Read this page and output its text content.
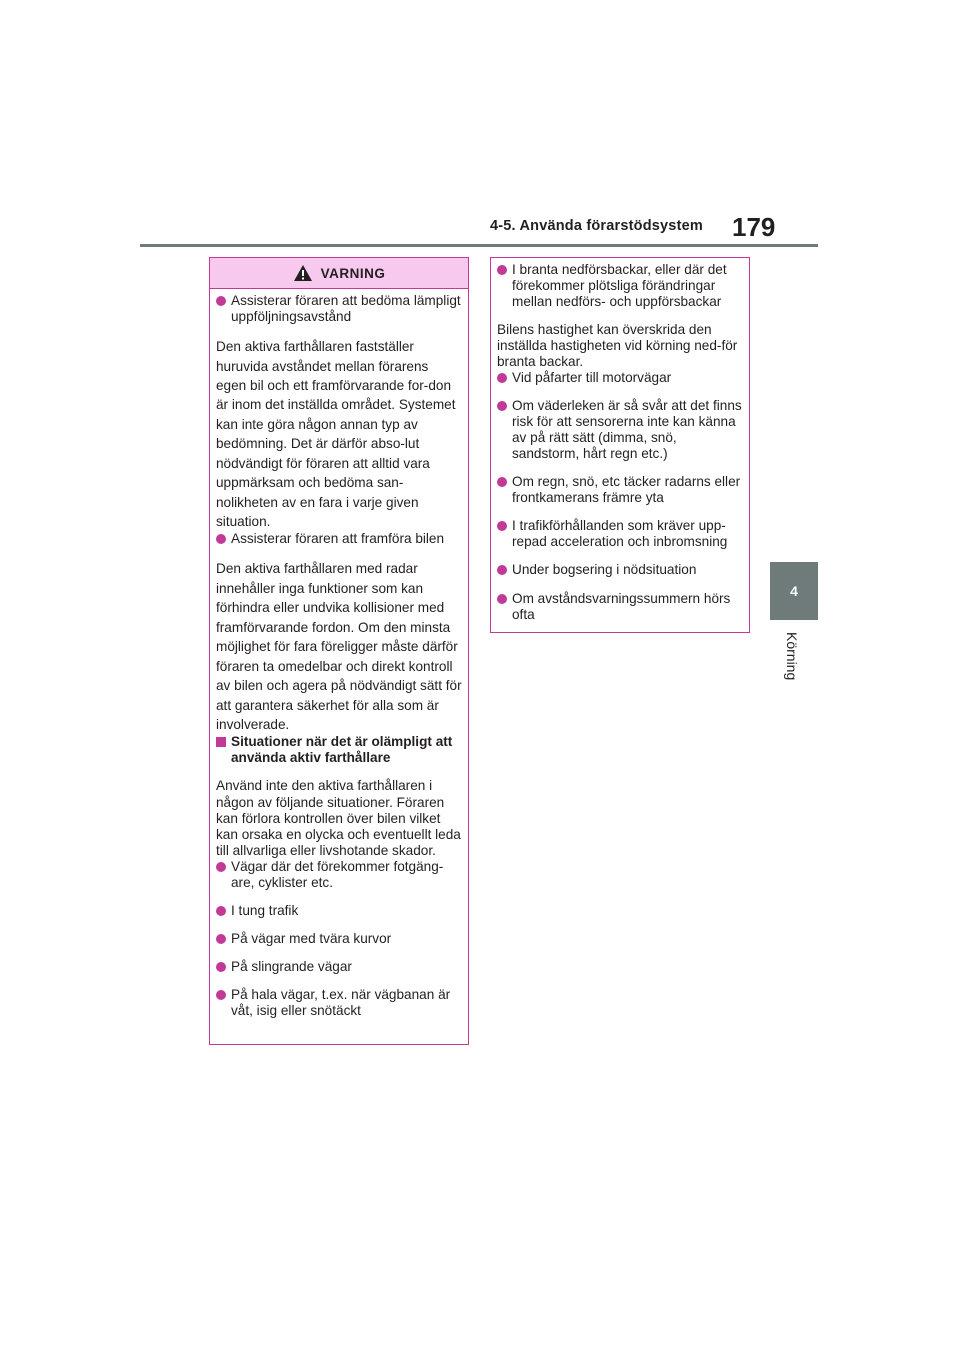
4-5. Använda förarstödsystem 179
4
Körning
VARNING
Assisterar föraren att bedöma lämpligt uppföljningsavstånd

Den aktiva farthållaren fastställer huruvida avståndet mellan förarens egen bil och ett framförvarande for-don är inom det inställda området. Systemet kan inte göra någon annan typ av bedömning. Det är därför abso-lut nödvändigt för föraren att alltid vara uppmärksam och bedöma san-nolikheten av en fara i varje given situation.

Assisterar föraren att framföra bilen

Den aktiva farthållaren med radar innehåller inga funktioner som kan förhindra eller undvika kollisioner med framförvarande fordon. Om den minsta möjlighet för fara föreligger måste därför föraren ta omedelbar och direkt kontroll av bilen och agera på nödvändigt sätt för att garantera säkerhet för alla som är involverade.

Situationer när det är olämpligt att använda aktiv farthållare

Använd inte den aktiva farthållaren i någon av följande situationer. Föraren kan förlora kontrollen över bilen vilket kan orsaka en olycka och eventuellt leda till allvarliga eller livshotande skador.

Vägar där det förekommer fotgäng-are, cyklister etc.
I tung trafik
På vägar med tvära kurvor
På slingrande vägar
På hala vägar, t.ex. när vägbanan är våt, isig eller snötäckt
I branta nedförsbackar, eller där det förekommer plötsliga förändringar mellan nedförs- och uppförsbackar

Bilens hastighet kan överskrida den inställda hastigheten vid körning ned-för branta backar.

Vid påfarter till motorvägar
Om väderleken är så svår att det finns risk för att sensorerna inte kan känna av på rätt sätt (dimma, snö, sandstorm, hårt regn etc.)
Om regn, snö, etc täcker radarns eller frontkamerans främre yta
I trafikförhållanden som kräver upp-repad acceleration och inbromsning
Under bogsering i nödsituation
Om avståndsvarningssummern hörs ofta
